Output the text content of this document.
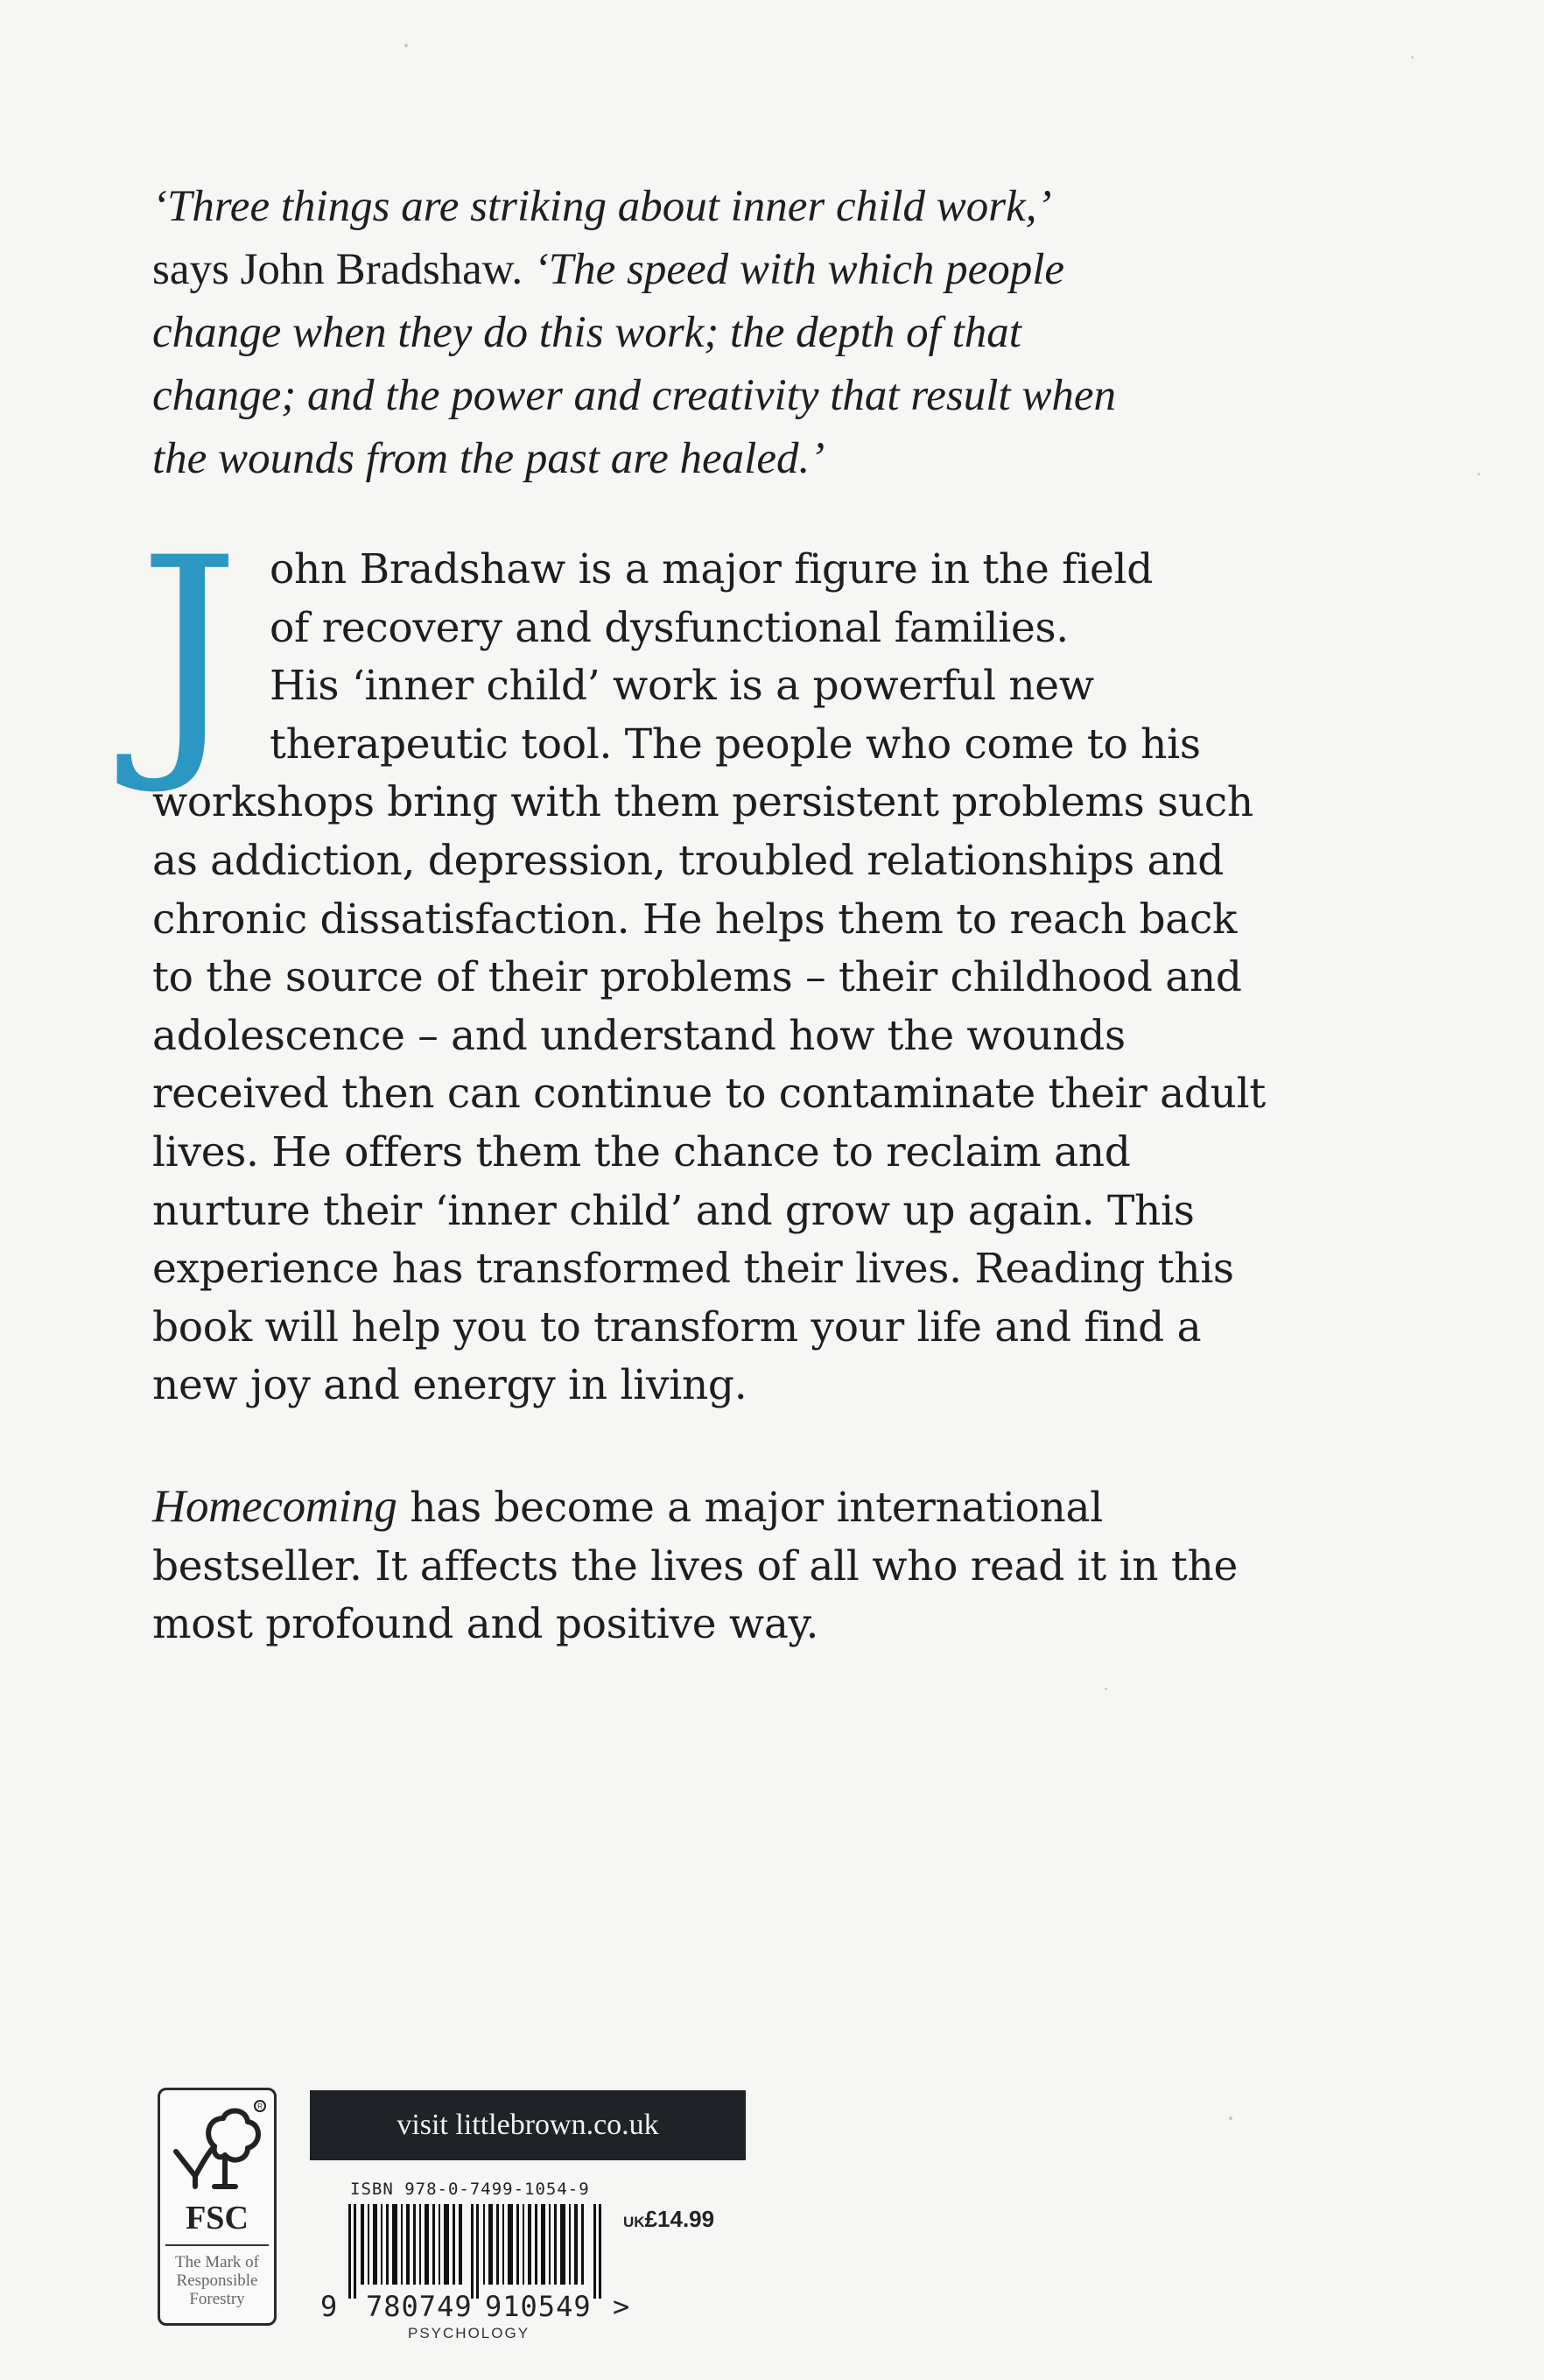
‘Three things are striking about inner child work,’
says John Bradshaw. ‘The speed with which people
change when they do this work; the depth of that
change; and the power and creativity that result when
the wounds from the past are healed.’
J ohn Bradshaw is a major figure in the field
of recovery and dysfunctional families.
His ‘inner child’ work is a powerful new
therapeutic tool. The people who come to his
workshops bring with them persistent problems such
as addiction, depression, troubled relationships and
chronic dissatisfaction. He helps them to reach back
to the source of their problems – their childhood and
adolescence – and understand how the wounds
received then can continue to contaminate their adult
lives. He offers them the chance to reclaim and
nurture their ‘inner child’ and grow up again. This
experience has transformed their lives. Reading this
book will help you to transform your life and find a
new joy and energy in living.
Homecoming has become a major international
bestseller. It affects the lives of all who read it in the
most profound and positive way.
R
FSC
The Mark of
Responsible
Forestry
visit littlebrown.co.uk
ISBN 978-0-7499-1054-9
UK£14.99
9 780749 910549 >
PSYCHOLOGY
